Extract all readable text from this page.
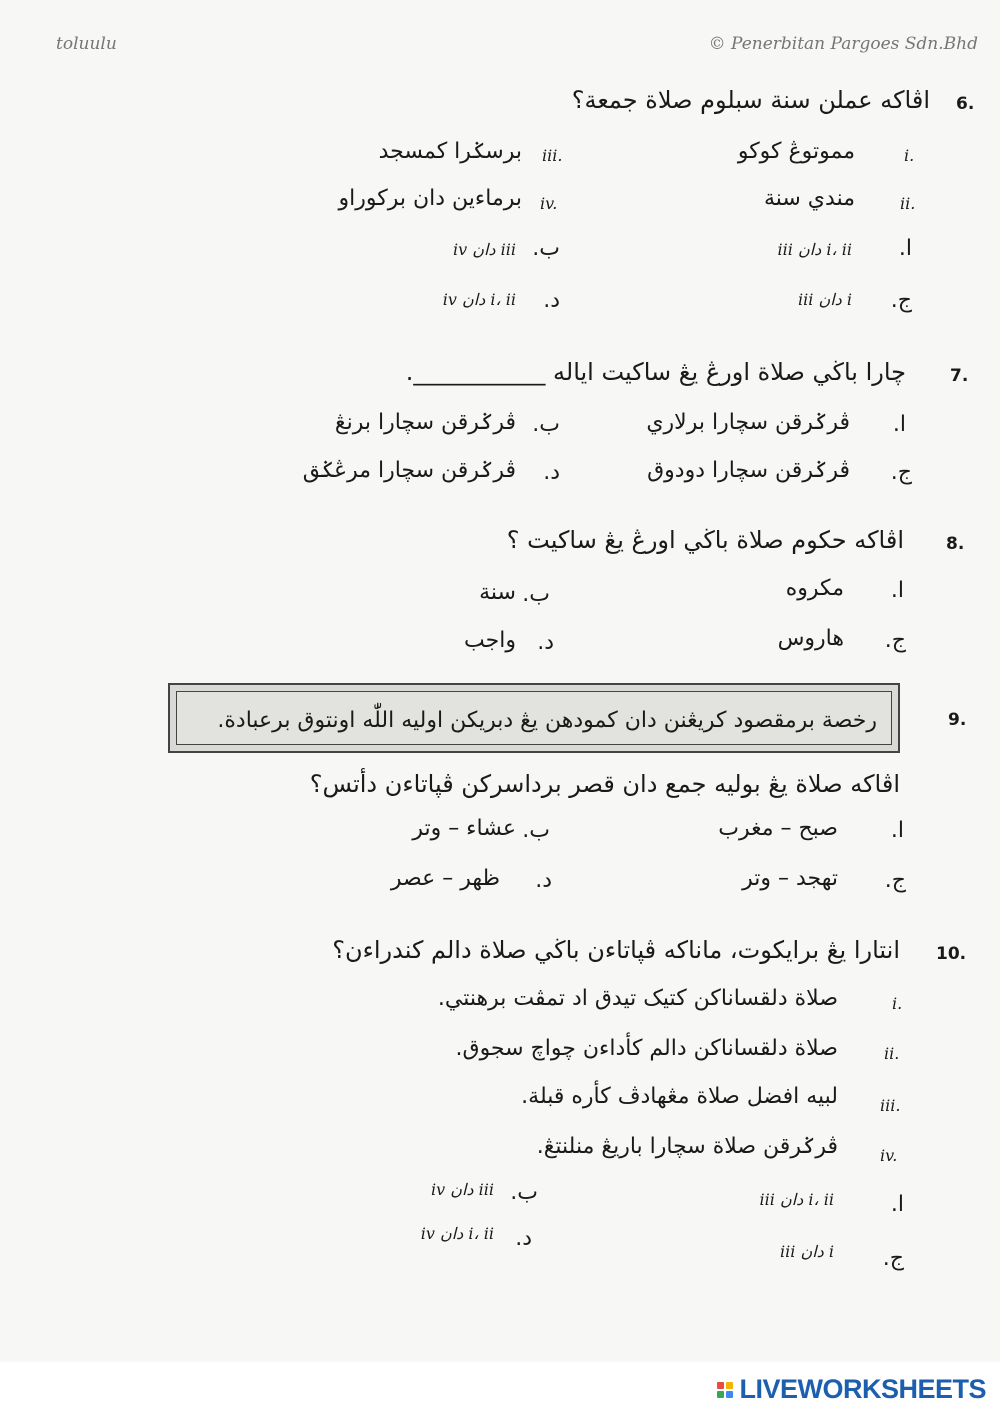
toluulu	© Penerbitan Pargoes Sdn.Bhd
6.
اڤاكه عملن سنة سبلوم صلاة جمعة؟
i.
مموتوڠ كوكو
iii.
برسݢرا كمسجد
ii.
مندي سنة
iv.
برماءين دان بركوراو
ا.
i، ii دان iii
ب.
iii دان iv
ج.
i دان iii
د.
i، ii دان iv
7.
چارا باڬي صلاة اورڠ يڠ ساكيت اياله ___________.
ا.
ڤرݢرقن سچارا برلاري
ب.
ڤرݢرقن سچارا برنڠ
ج.
ڤرݢرقن سچارا دودوق
د.
ڤرݢرقن سچارا مرڠݢق
8.
اڤاكه حكوم صلاة باڬي اورڠ يڠ ساكيت ؟
ا.
مكروه
ب.
سنة
ج.
هاروس
د.
واجب
9.
رخصة برمقصود كريڠنن دان كمودهن يڠ دبريكن اوليه اللّٰه اونتوق برعبادة.
اڤاكه صلاة يڠ بوليه جمع دان قصر برداسركن ڤپاتاءن دأتس؟
ا.
صبح – مغرب
ب.
عشاء – وتر
ج.
تهجد – وتر
د.
ظهر – عصر
10.
انتارا يڠ برايكوت، ماناكه ڤپاتاءن باڬي صلاة دالم كندراءن؟
i.
صلاة دلقساناكن كتيک تيدق اد تمڤت برهنتي.
ii.
صلاة دلقساناكن دالم كأداءن چواچ سجوق.
iii.
لبيه افضل صلاة مڠهادڤ كأره قبلة.
iv.
ڤرݢرقن صلاة سچارا باريڠ منلنتڠ.
ا.
i، ii دان iii
ب.
iii دان iv
ج.
i دان iii
د.
i، ii دان iv
LIVEWORKSHEETS
